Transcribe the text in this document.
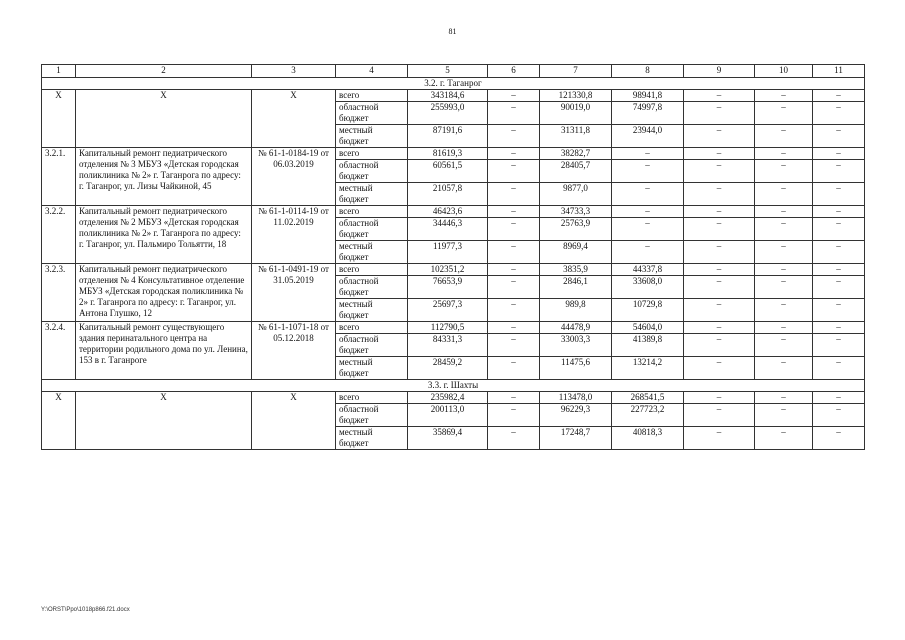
81
1	2	3	4	5	6	7	8	9	10	11
3.2. г. Таганрог										
Х	Х	Х	всего	343184,6	–	121330,8	98941,8	–	–	–
			областной бюджет	255993,0	–	90019,0	74997,8	–	–	–
			местный бюджет	87191,6	–	31311,8	23944,0	–	–	–
3.2.1.	Капитальный ремонт педиатрического отделения № 3 МБУЗ «Детская городская поликлиника № 2» г. Таганрога по адресу: г. Таганрог, ул. Лизы Чайкиной, 45	№ 61-1-0184-19 от 06.03.2019	всего	81619,3	–	38282,7	–	–	–	–
			областной бюджет	60561,5	–	28405,7	–	–	–	–
			местный бюджет	21057,8	–	9877,0	–	–	–	–
3.2.2.	Капитальный ремонт педиатрического отделения № 2 МБУЗ «Детская городская поликлиника № 2» г. Таганрога по адресу: г. Таганрог, ул. Пальмиро Тольятти, 18	№ 61-1-0114-19 от 11.02.2019	всего	46423,6	–	34733,3	–	–	–	–
			областной бюджет	34446,3	–	25763,9	–	–	–	–
			местный бюджет	11977,3	–	8969,4	–	–	–	–
3.2.3.	Капитальный ремонт педиатрического отделения № 4 Консультативное отделение МБУЗ «Детская городская поликлиника № 2» г. Таганрога по адресу: г. Таганрог, ул. Антона Глушко, 12	№ 61-1-0491-19 от 31.05.2019	всего	102351,2	–	3835,9	44337,8	–	–	–
			областной бюджет	76653,9	–	2846,1	33608,0	–	–	–
			местный бюджет	25697,3	–	989,8	10729,8	–	–	–
3.2.4.	Капитальный ремонт существующего здания перинатального центра на территории родильного дома по ул. Ленина, 153 в г. Таганроге	№ 61-1-1071-18 от 05.12.2018	всего	112790,5	–	44478,9	54604,0	–	–	–
			областной бюджет	84331,3	–	33003,3	41389,8	–	–	–
			местный бюджет	28459,2	–	11475,6	13214,2	–	–	–
3.3. г. Шахты										
Х	Х	Х	всего	235982,4	–	113478,0	268541,5	–	–	–
			областной бюджет	200113,0	–	96229,3	227723,2	–	–	–
			местный бюджет	35869,4	–	17248,7	40818,3	–	–	–
Y:\ORST\Ppo\1018p866.f21.docx
